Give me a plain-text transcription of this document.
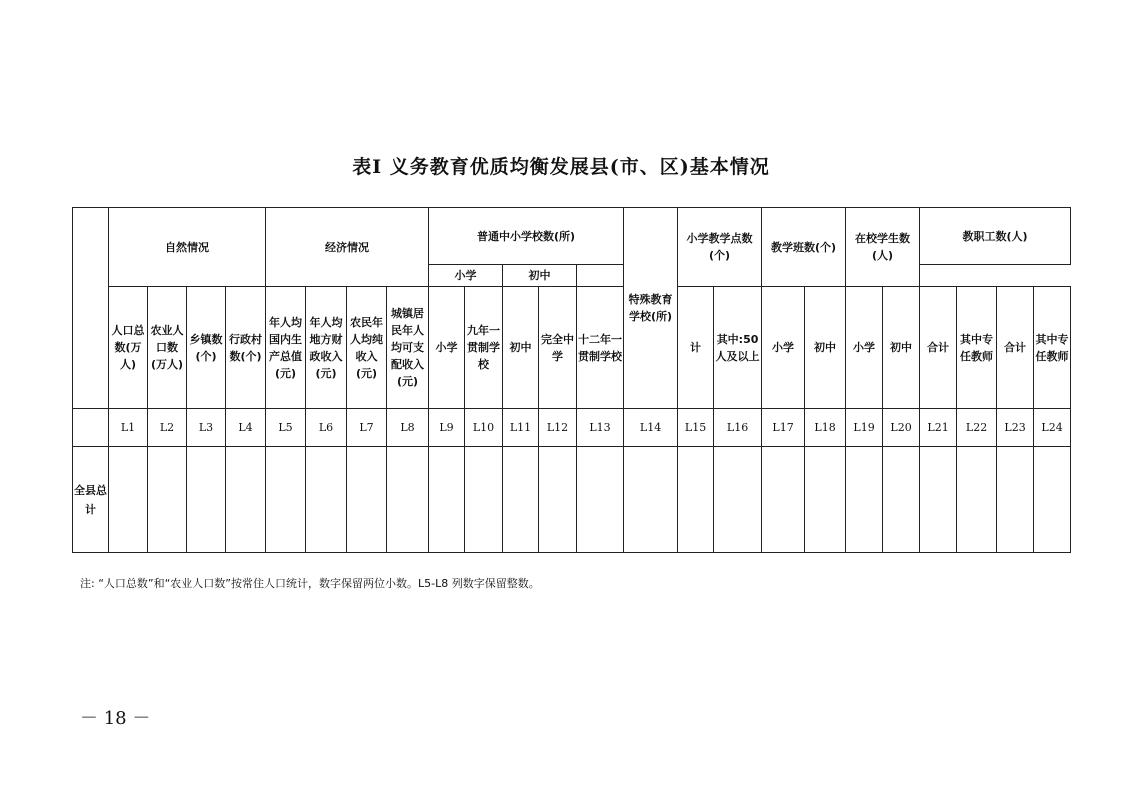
表Ⅰ 义务教育优质均衡发展县(市、区)基本情况
	自然情况				经济情况				普通中小学校数(所)					特殊教育学校(所)	小学教学点数(个)		教学班数(个)		在校学生数(人)		教职工数(人)			
									小学		初中													
	人口总数(万人)	农业人口数(万人)	乡镇数(个)	行政村数(个)	年人均国内生产总值(元)	年人均地方财政收入(元)	农民年人均纯收入(元)	城镇居民年人均可支配收入(元)	小学	九年一贯制学校	初中	完全中学	十二年一贯制学校		计	其中:50人及以上	小学	初中	小学	初中	合计	其中专任教师	合计	其中专任教师
	L1	L2	L3	L4	L5	L6	L7	L8	L9	L10	L11	L12	L13	L14	L15	L16	L17	L18	L19	L20	L21	L22	L23	L24
全县总计																								
注: “人口总数”和“农业人口数”按常住人口统计，数字保留两位小数。L5-L8 列数字保留整数。
－ 18 －
